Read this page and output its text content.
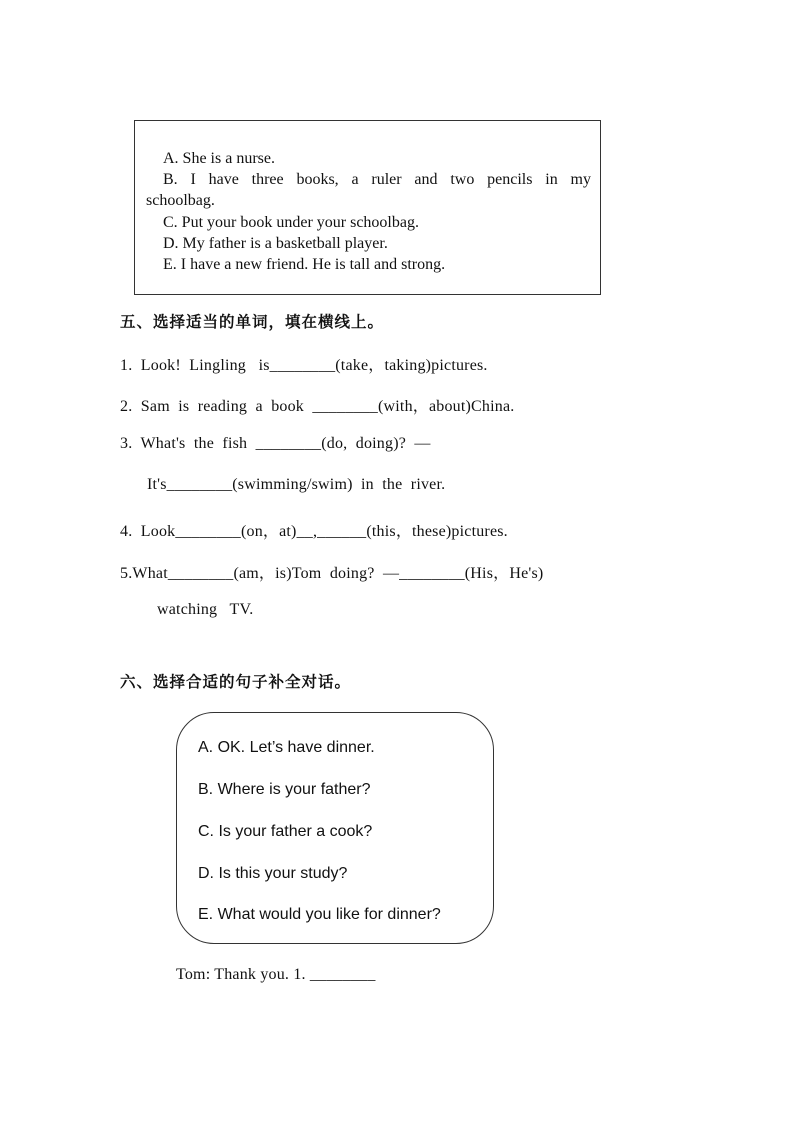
A. She is a nurse.
B. I have three books, a ruler and two pencils in my
schoolbag.
C. Put your book under your schoolbag.
D. My father is a basketball player.
E. I have a new friend. He is tall and strong.
五、选择适当的单词，填在横线上。
1.  Look!  Lingling   is________(take，taking)pictures.
2.  Sam  is  reading  a  book  ________(with，about)China.
3.  What's  the  fish  ________(do,  doing)?  —
It's________(swimming/swim)  in  the  river.
4.  Look________(on，at)__,______(this，these)pictures.
5.What________(am，is)Tom  doing?  —________(His，He's)
watching   TV.
六、选择合适的句子补全对话。
A. OK. Let’s have dinner.
B. Where is your father?
C. Is your father a cook?
D. Is this your study?
E. What would you like for dinner?
Tom: Thank you. 1. ________
